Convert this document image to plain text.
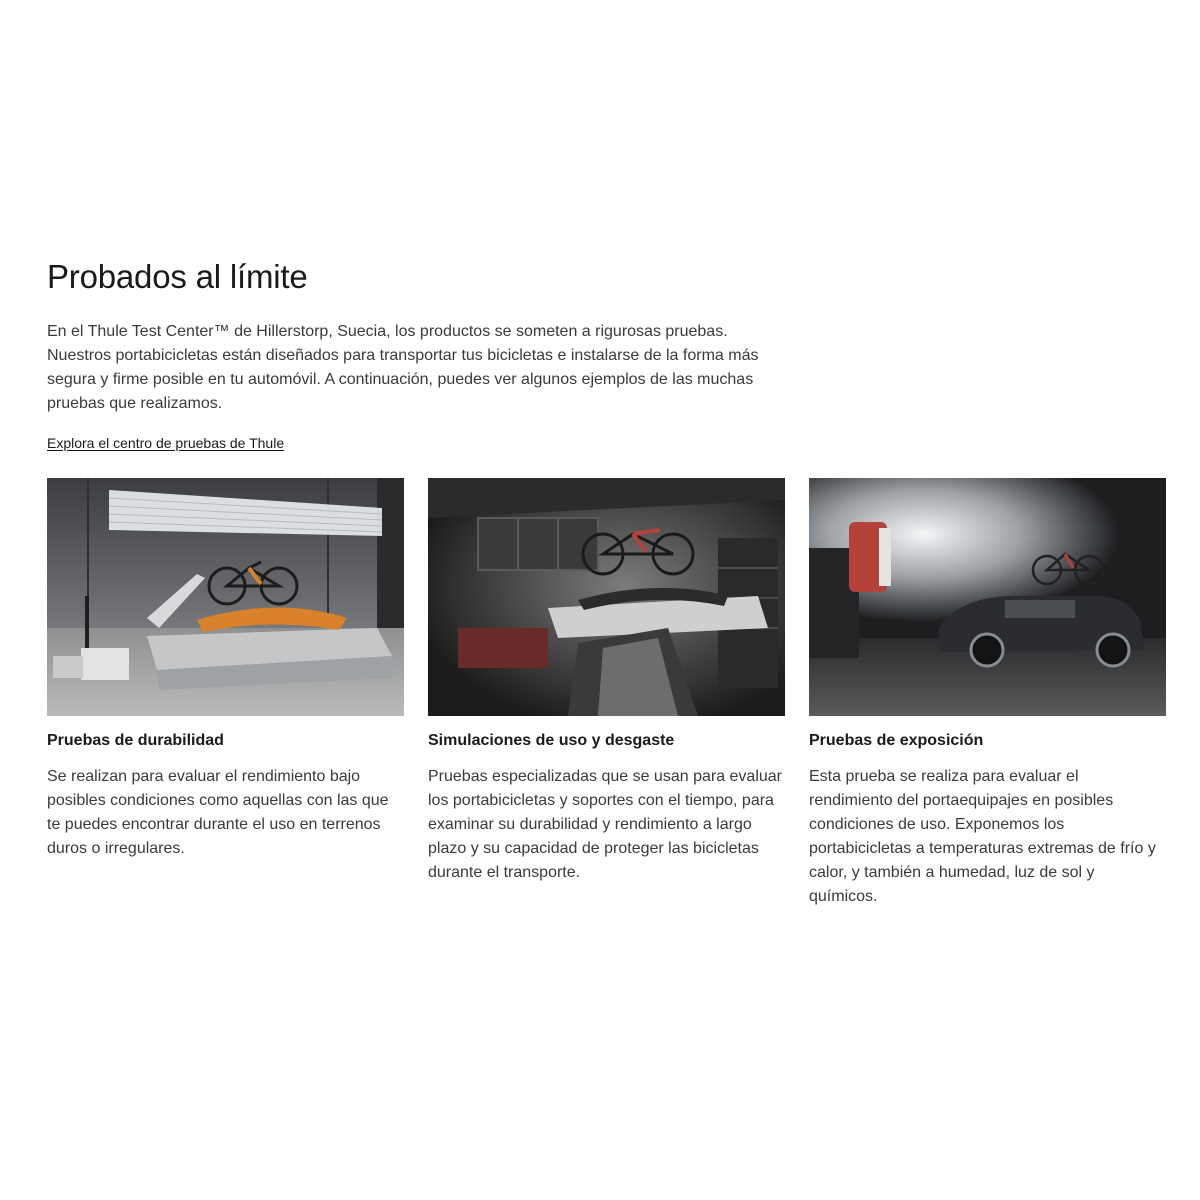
Probados al límite

En el Thule Test Center™ de Hillerstorp, Suecia, los productos se someten a rigurosas pruebas. Nuestros portabicicletas están diseñados para transportar tus bicicletas e instalarse de la forma más segura y firme posible en tu automóvil. A continuación, puedes ver algunos ejemplos de las muchas pruebas que realizamos.

Explora el centro de pruebas de Thule
Pruebas de durabilidad

Se realizan para evaluar el rendimiento bajo posibles condiciones como aquellas con las que te puedes encontrar durante el uso en terrenos duros o irregulares.

Simulaciones de uso y desgaste

Pruebas especializadas que se usan para evaluar los portabicicletas y soportes con el tiempo, para examinar su durabilidad y rendimiento a largo plazo y su capacidad de proteger las bicicletas durante el transporte.

Pruebas de exposición

Esta prueba se realiza para evaluar el rendimiento del portaequipajes en posibles condiciones de uso. Exponemos los portabicicletas a temperaturas extremas de frío y calor, y también a humedad, luz de sol y químicos.
